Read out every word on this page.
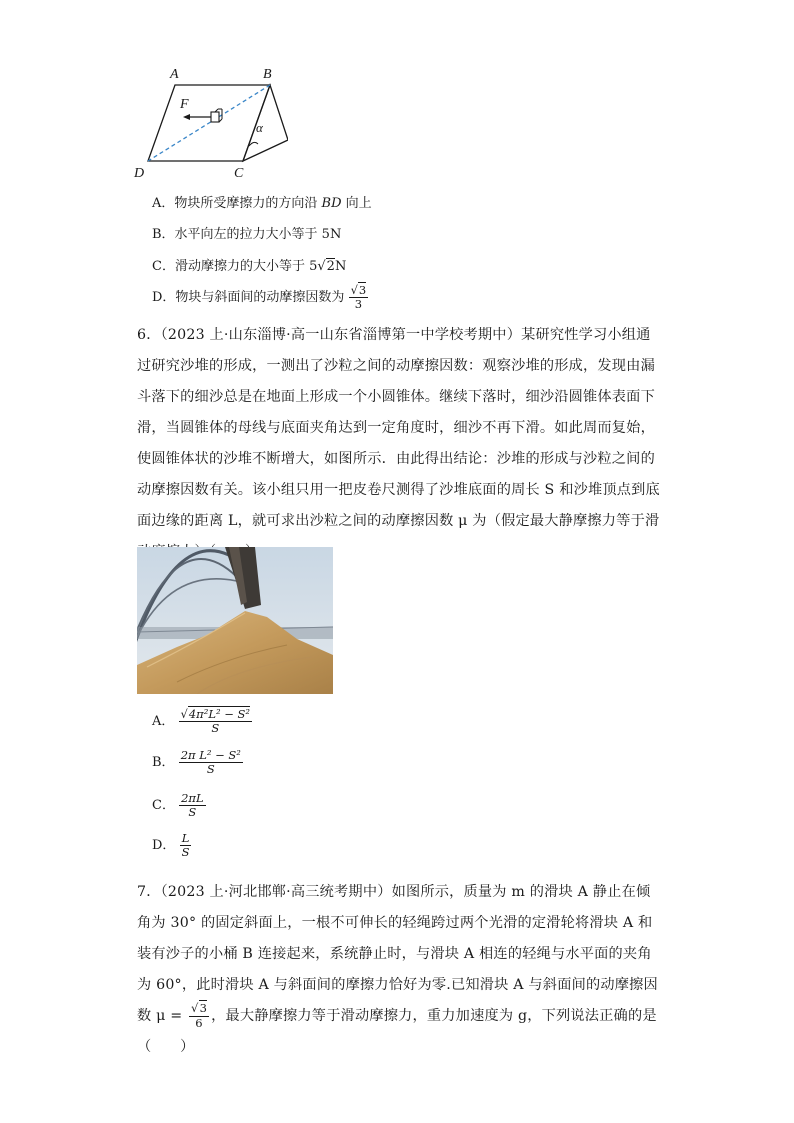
A	B
C
D
F
α
A．物块所受摩擦力的方向沿 BD 向上
B．水平向左的拉力大小等于 5N
C．滑动摩擦力的大小等于 5√2N
D．物块与斜面间的动摩擦因数为 $\frac{√3}{3}$
6．（2023 上·山东淄博·高一山东省淄博第一中学校考期中）某研究性学习小组通过研究沙堆的形成，一测出了沙粒之间的动摩擦因数：观察沙堆的形成，发现由漏斗落下的细沙总是在地面上形成一个小圆锥体。继续下落时，细沙沿圆锥体表面下滑，当圆锥体的母线与底面夹角达到一定角度时，细沙不再下滑。如此周而复始，使圆锥体状的沙堆不断增大，如图所示．由此得出结论：沙堆的形成与沙粒之间的动摩擦因数有关。该小组只用一把皮卷尺测得了沙堆底面的周长 S 和沙堆顶点到底面边缘的距离 L，就可求出沙粒之间的动摩擦因数 μ 为（假定最大静摩擦力等于滑　　
A． $\frac{\text{√4π²L² − S²}}{S}$
B． $\frac{\text{2π L² − S²}}{S}$
C． $\frac{2\pi L}{S}$
D． $\frac{L}{S}$
7．（2023 上·河北邯郸·高三统考期中）如图所示，质量为 m 的滑块 A 静止在倾角为 30° 的固定斜面上，一根不可伸长的轻绳跨过两个光滑的定滑轮将滑块 A 和装有沙子的小桶 B 连接起来，系统静止时，与滑块 A 相连的轻绳与水平面的夹角为 60°，此时滑块 A 与斜面间的摩擦力恰好为零.已知滑块 A 与斜面间的动摩擦因数 $\mu = \frac{√3}{6}$ ，最大静摩擦力等于滑动摩擦力，重力加速度为 g，下列说法正确的是（　　）
